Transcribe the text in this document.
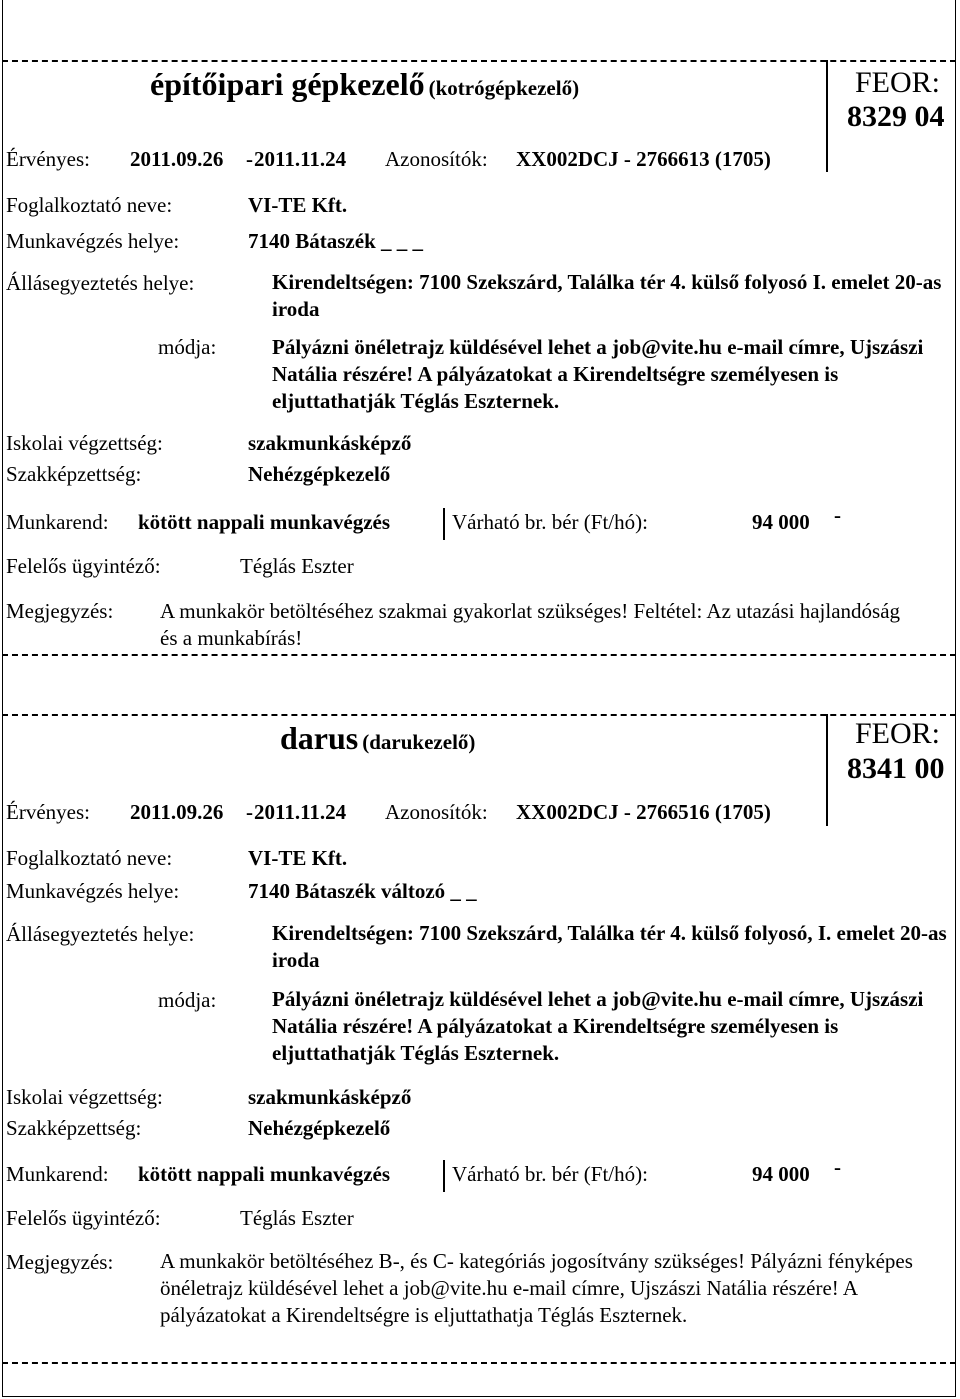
építőipari gépkezelő (kotrógépkezelő)	FEOR:
8329 04
Érvényes: 2011.09.26 - 2011.11.24 Azonosítók: XX002DCJ - 2766613 (1705)
Foglalkoztató neve:	VI-TE Kft.
Munkavégzés helye:	7140 Bátaszék _ _ _
Állásegyeztetés helye:	Kirendeltségen: 7100 Szekszárd, Találka tér 4. külső folyosó I. emelet 20-as iroda
módja:	Pályázni önéletrajz küldésével lehet a job@vite.hu e-mail címre, Ujszászi Natália részére! A pályázatokat a Kirendeltségre személyesen is eljuttathatják Téglás Eszternek.
Iskolai végzettség:	szakmunkásképző
Szakképzettség:	Nehézgépkezelő
Munkarend: kötött nappali munkavégzés	Várható br. bér (Ft/hó):	94 000 -
Felelős ügyintéző:	Téglás Eszter
Megjegyzés: A munkakör betöltéséhez szakmai gyakorlat szükséges! Feltétel: Az utazási hajlandóság és a munkabírás!
darus (darukezelő)	FEOR:
8341 00
Érvényes: 2011.09.26 - 2011.11.24 Azonosítók: XX002DCJ - 2766516 (1705)
Foglalkoztató neve:	VI-TE Kft.
Munkavégzés helye:	7140 Bátaszék változó _ _
Állásegyeztetés helye:	Kirendeltségen: 7100 Szekszárd, Találka tér 4. külső folyosó, I. emelet 20-as iroda
módja:	Pályázni önéletrajz küldésével lehet a job@vite.hu e-mail címre, Ujszászi Natália részére! A pályázatokat a Kirendeltségre személyesen is eljuttathatják Téglás Eszternek.
Iskolai végzettség:	szakmunkásképző
Szakképzettség:	Nehézgépkezelő
Munkarend: kötött nappali munkavégzés	Várható br. bér (Ft/hó):	94 000 -
Felelős ügyintéző:	Téglás Eszter
Megjegyzés: A munkakör betöltéséhez B-, és C- kategóriás jogosítvány szükséges! Pályázni fényképes önéletrajz küldésével lehet a job@vite.hu e-mail címre, Ujszászi Natália részére! A pályázatokat a Kirendeltségre is eljuttathatja Téglás Eszternek.
